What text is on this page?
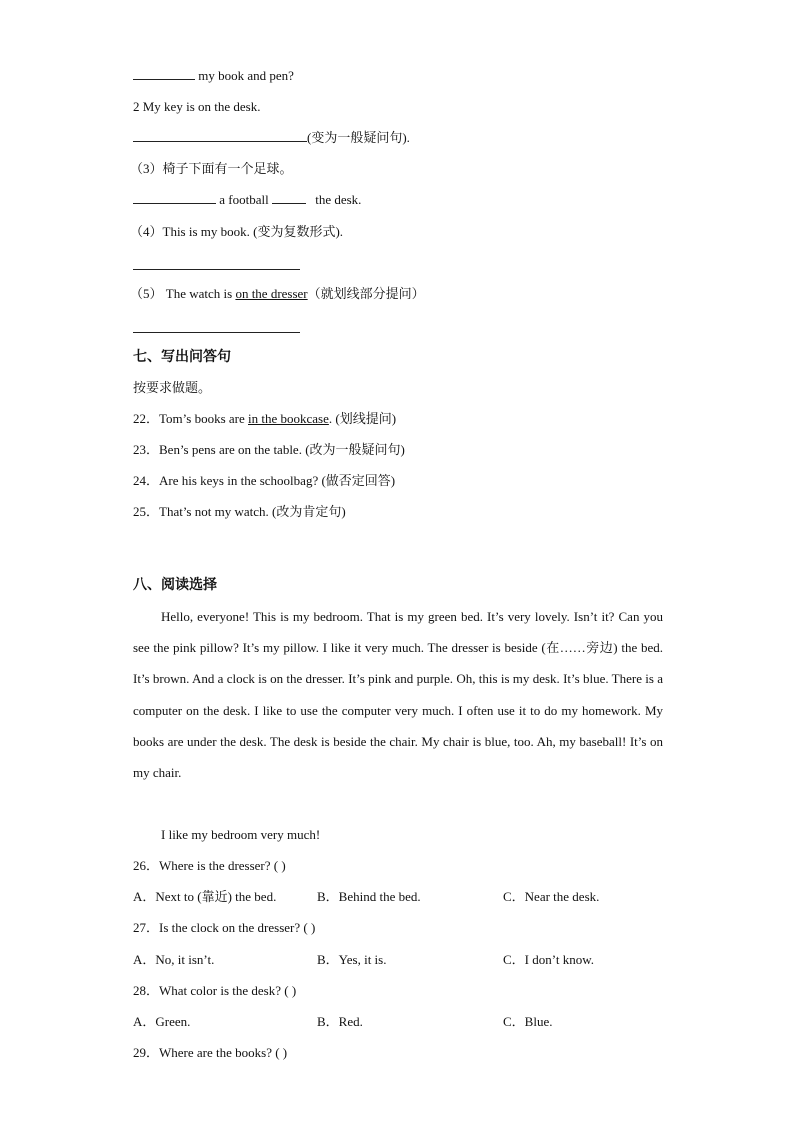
my book and pen?
2 My key is on the desk.
(变为一般疑问句).
（3）椅子下面有一个足球。
a football	the desk.
（4）This is my book. (变为复数形式).
（5） The watch is on the dresser（就划线部分提问）
七、写出问答句
按要求做题。
22．Tom’s books are in the bookcase. (划线提问)
23．Ben’s pens are on the table. (改为一般疑问句)
24．Are his keys in the schoolbag? (做否定回答)
25．That’s not my watch. (改为肯定句)
八、阅读选择
Hello, everyone! This is my bedroom. That is my green bed. It’s very lovely. Isn’t it? Can you see the pink pillow? It’s my pillow. I like it very much. The dresser is beside (在……旁边) the bed. It’s brown. And a clock is on the dresser. It’s pink and purple. Oh, this is my desk. It’s blue. There is a computer on the desk. I like to use the computer very much. I often use it to do my homework. My books are under the desk. The desk is beside the chair. My chair is blue, too. Ah, my baseball! It’s on my chair.
I like my bedroom very much!
26．Where is the dresser? ( )
A．Next to (靠近) the bed.	B．Behind the bed.	C．Near the desk.
27．Is the clock on the dresser? ( )
A．No, it isn’t.	B．Yes, it is.	C．I don’t know.
28．What color is the desk? ( )
A．Green.	B．Red.	C．Blue.
29．Where are the books? ( )
